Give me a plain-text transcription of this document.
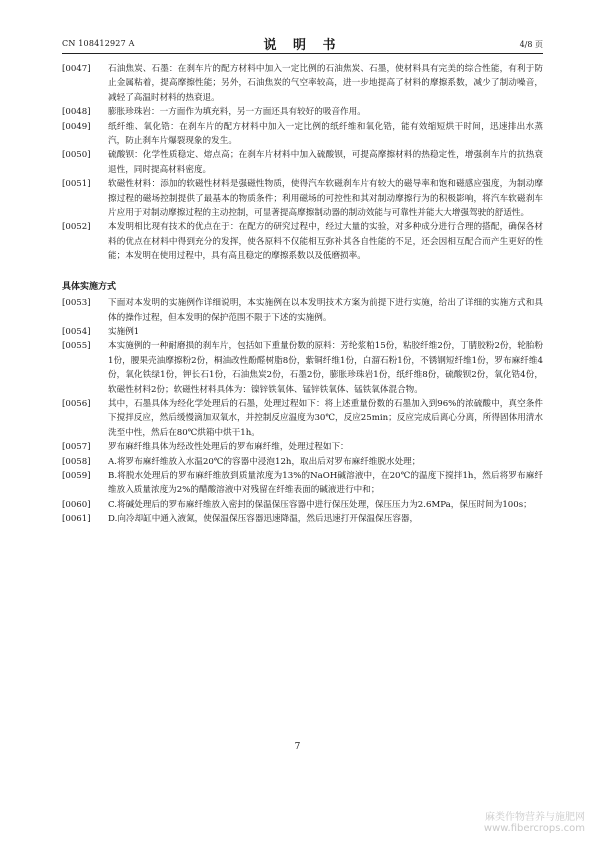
CN 108412927 A	说 明 书	4/8 页

[0047] 石油焦炭、石墨：在刹车片的配方材料中加入一定比例的石油焦炭、石墨，使材料具有完美的综合性能，有利于防止金属粘着，提高摩擦性能；另外，石油焦炭的气空率较高，进一步地提高了材料的摩擦系数，减少了制动噪音，减轻了高温时材料的热衰退。

[0048] 膨胀珍珠岩：一方面作为填充料，另一方面还具有较好的吸音作用。

[0049] 纸纤维、氧化锆：在刹车片的配方材料中加入一定比例的纸纤维和氧化锆，能有效缩短烘干时间，迅速排出水蒸汽，防止刹车片爆裂现象的发生。

[0050] 硫酸钡：化学性质稳定、熔点高；在刹车片材料中加入硫酸钡，可提高摩擦材料的热稳定性，增强刹车片的抗热衰退性，同时提高材料密度。

[0051] 软磁性材料：添加的软磁性材料是强磁性物质，使得汽车软磁刹车片有较大的磁导率和饱和磁感应强度，为制动摩擦过程的磁场控制提供了最基本的物质条件；利用磁场的可控性和其对制动摩擦行为的积极影响，将汽车软磁刹车片应用于对制动摩擦过程的主动控制，可显著提高摩擦制动器的制动效能与可靠性并能大大增强驾驶的舒适性。

[0052] 本发明相比现有技术的优点在于：在配方的研究过程中，经过大量的实验，对多种成分进行合理的搭配，确保各材料的优点在材料中得到充分的发挥，使各原料不仅能相互弥补其各自性能的不足，还会因相互配合而产生更好的性能；本发明在使用过程中，具有高且稳定的摩擦系数以及低磨损率。

具体实施方式

[0053] 下面对本发明的实施例作详细说明，本实施例在以本发明技术方案为前提下进行实施，给出了详细的实施方式和具体的操作过程，但本发明的保护范围不限于下述的实施例。

[0054] 实施例1

[0055] 本实施例的一种耐磨损的刹车片，包括如下重量份数的原料：芳纶浆粕15份，粘胶纤维2份，丁腈胶粉2份，轮胎粉1份，腰果壳油摩擦粉2份，桐油改性酚醛树脂8份，紫铜纤维1份，白溜石粉1份，不锈钢短纤维1份，罗布麻纤维4份，氧化铁绿1份，钾长石1份，石油焦炭2份，石墨2份，膨胀珍珠岩1份，纸纤维8份，硫酸钡2份，氧化锆4份，软磁性材料2份；软磁性材料具体为：镍锌铁氧体、锰锌铁氧体、锰铁氧体混合物。

[0056] 其中，石墨具体为经化学处理后的石墨，处理过程如下：将上述重量份数的石墨加入到96%的浓硫酸中，真空条件下搅拌反应，然后缓慢滴加双氧水，并控制反应温度为30℃，反应25min；反应完成后离心分离，所得固体用清水洗至中性，然后在80℃烘箱中烘干1h。

[0057] 罗布麻纤维具体为经改性处理后的罗布麻纤维，处理过程如下：

[0058] A.将罗布麻纤维放入水温20℃的容器中浸泡12h，取出后对罗布麻纤维脱水处理；

[0059] B.将脱水处理后的罗布麻纤维放到质量浓度为13%的NaOH碱溶液中，在20℃的温度下搅拌1h，然后将罗布麻纤维放入质量浓度为2%的醋酸溶液中对残留在纤维表面的碱液进行中和；

[0060] C.将碱处理后的罗布麻纤维放入密封的保温保压容器中进行保压处理，保压压力为2.6MPa，保压时间为100s；

[0061] D.向冷却缸中通入液氮，使保温保压容器迅速降温，然后迅速打开保温保压容器，

7
麻类作物营养与施肥网
www.fibercrops.com
